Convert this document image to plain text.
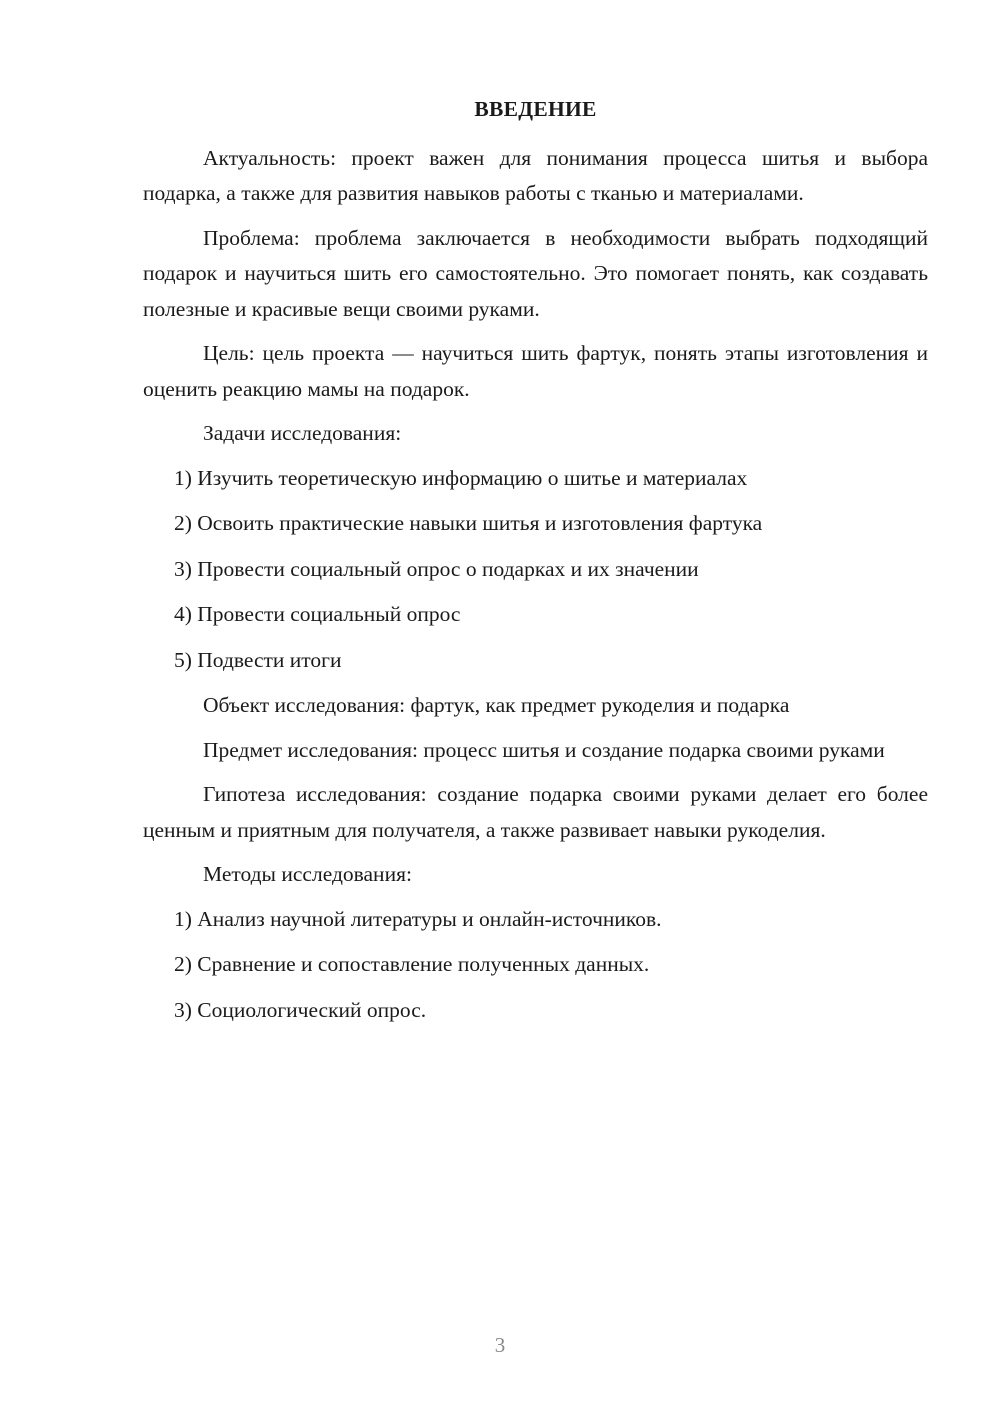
ВВЕДЕНИЕ

Актуальность: проект важен для понимания процесса шитья и выбора подарка, а также для развития навыков работы с тканью и материалами.

Проблема: проблема заключается в необходимости выбрать подходящий подарок и научиться шить его самостоятельно. Это помогает понять, как создавать полезные и красивые вещи своими руками.

Цель: цель проекта — научиться шить фартук, понять этапы изготовления и оценить реакцию мамы на подарок.

Задачи исследования:

1) Изучить теоретическую информацию о шитье и материалах
2) Освоить практические навыки шитья и изготовления фартука
3) Провести социальный опрос о подарках и их значении
4) Провести социальный опрос
5) Подвести итоги

Объект исследования: фартук, как предмет рукоделия и подарка

Предмет исследования: процесс шитья и создание подарка своими руками

Гипотеза исследования: создание подарка своими руками делает его более ценным и приятным для получателя, а также развивает навыки рукоделия.

Методы исследования:

1) Анализ научной литературы и онлайн-источников.
2) Сравнение и сопоставление полученных данных.
3) Социологический опрос.
3
